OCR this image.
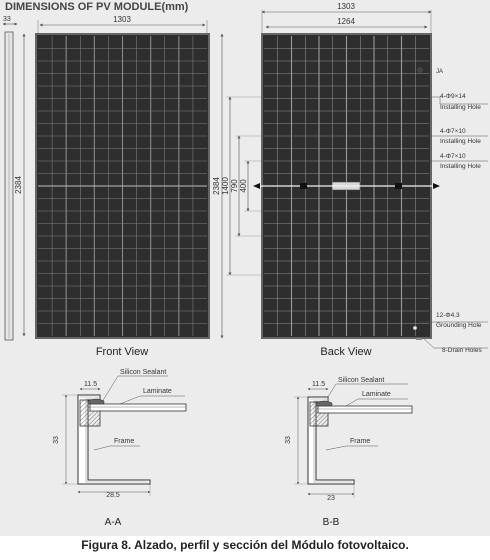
DIMENSIONS OF PV MODULE(mm)
33	1303
2384
Front View
1303
1264
2384 1400 790 400
JA
4-Φ9×14
Installing Hole
4-Φ7×10
Installing Hole
4-Φ7×10
Installing Hole
12-Φ4.3
Grounding Hole
8-Drain Holes
Back View
Silicon Sealant
Laminate
Frame
11.5
33
28.5
A-A
Silicon Sealant
Laminate
Frame
11.5
33
23
B-B
Figura 8. Alzado, perfil y sección del Módulo fotovoltaico.
